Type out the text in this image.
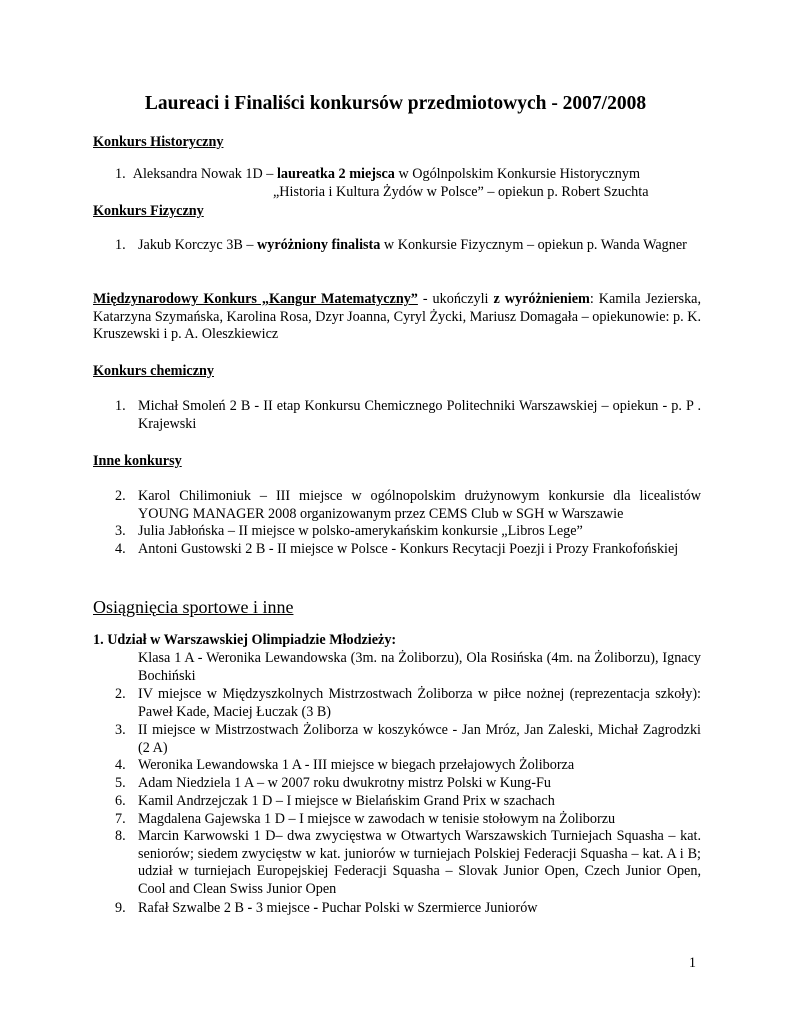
Laureaci i Finaliści konkursów przedmiotowych - 2007/2008
Konkurs Historyczny
1. Aleksandra Nowak 1D – laureatka 2 miejsca w Ogólnpolskim Konkursie Historycznym
„Historia i Kultura Żydów w Polsce” – opiekun p. Robert Szuchta
Konkurs Fizyczny
1. Jakub Korczyc 3B – wyróżniony finalista w Konkursie Fizycznym – opiekun p. Wanda Wagner
Międzynarodowy Konkurs „Kangur Matematyczny” - ukończyli z wyróżnieniem: Kamila Jezierska, Katarzyna Szymańska, Karolina Rosa, Dzyr Joanna, Cyryl Życki, Mariusz Domagała – opiekunowie: p. K. Kruszewski i p. A. Oleszkiewicz
Konkurs chemiczny
1. Michał Smoleń 2 B - II etap Konkursu Chemicznego Politechniki Warszawskiej – opiekun - p. P . Krajewski
Inne konkursy
2. Karol Chilimoniuk – III miejsce w ogólnopolskim drużynowym konkursie dla licealistów YOUNG MANAGER 2008 organizowanym przez CEMS Club w SGH w Warszawie
3. Julia Jabłońska – II miejsce w polsko-amerykańskim konkursie „Libros Lege”
4. Antoni Gustowski 2 B - II miejsce w Polsce - Konkurs Recytacji Poezji i Prozy Frankofońskiej
Osiągnięcia sportowe i inne
1. Udział w Warszawskiej Olimpiadzie Młodzieży:
Klasa 1 A - Weronika Lewandowska (3m. na Żoliborzu), Ola Rosińska (4m. na Żoliborzu), Ignacy Bochiński
2. IV miejsce w Międzyszkolnych Mistrzostwach Żoliborza w piłce nożnej (reprezentacja szkoły): Paweł Kade, Maciej Łuczak (3 B)
3. II miejsce w Mistrzostwach Żoliborza w koszykówce - Jan Mróz, Jan Zaleski, Michał Zagrodzki (2 A)
4. Weronika Lewandowska 1 A - III miejsce w biegach przełajowych Żoliborza
5. Adam Niedziela 1 A – w 2007 roku dwukrotny mistrz Polski w Kung-Fu
6. Kamil Andrzejczak 1 D – I miejsce w Bielańskim Grand Prix w szachach
7. Magdalena Gajewska 1 D – I miejsce w zawodach w tenisie stołowym na Żoliborzu
8. Marcin Karwowski 1 D– dwa zwycięstwa w Otwartych Warszawskich Turniejach Squasha – kat. seniorów; siedem zwycięstw w kat. juniorów w turniejach Polskiej Federacji Squasha – kat. A i B; udział w turniejach Europejskiej Federacji Squasha – Slovak Junior Open, Czech Junior Open, Cool and Clean Swiss Junior Open
9. Rafał Szwalbe 2 B - 3 miejsce - Puchar Polski w Szermierce Juniorów
1
